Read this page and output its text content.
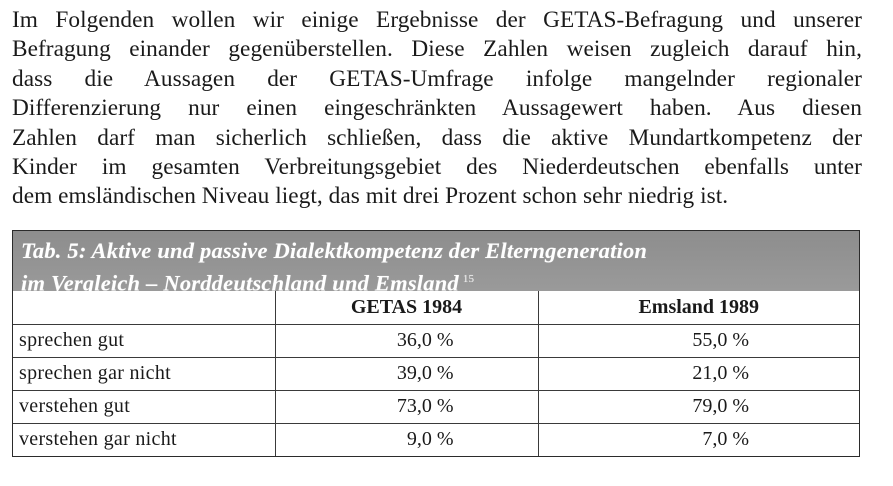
Im Folgenden wollen wir einige Ergebnisse der GETAS-Befragung und unserer
Befragung einander gegenüberstellen. Diese Zahlen weisen zugleich darauf hin,
dass die Aussagen der GETAS-Umfrage infolge mangelnder regionaler
Differenzierung nur einen eingeschränkten Aussagewert haben. Aus diesen
Zahlen darf man sicherlich schließen, dass die aktive Mundartkompetenz der
Kinder im gesamten Verbreitungsgebiet des Niederdeutschen ebenfalls unter
dem emsländischen Niveau liegt, das mit drei Prozent schon sehr niedrig ist.

Tab. 5: Aktive und passive Dialektkompetenz der Elterngeneration
im Vergleich – Norddeutschland und Emsland $^{15}$
	GETAS 1984	Emsland 1989
sprechen gut	36,0 %	55,0 %
sprechen gar nicht	39,0 %	21,0 %
verstehen gut	73,0 %	79,0 %
verstehen gar nicht	9,0 %	7,0 %
